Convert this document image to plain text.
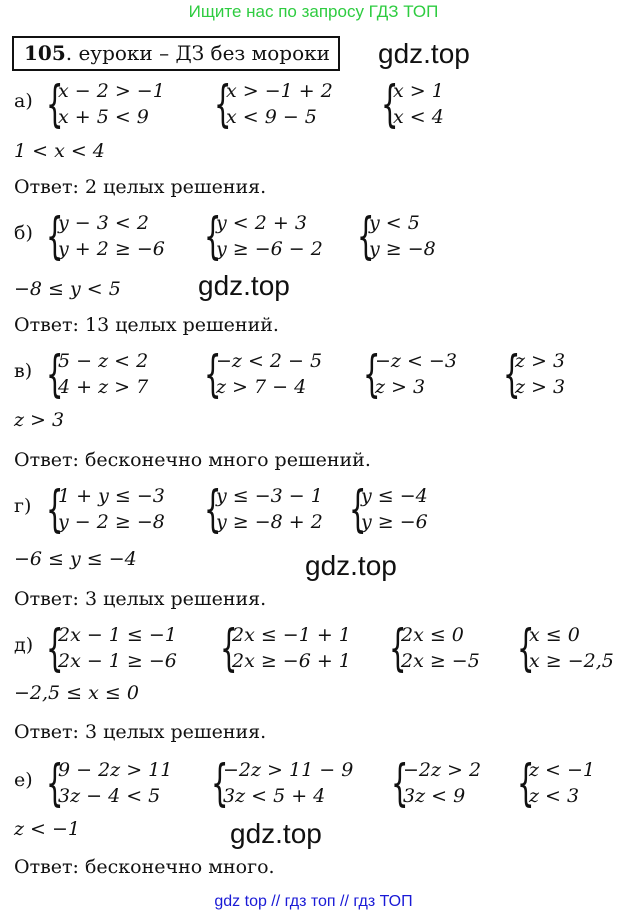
Ищите нас по запросу ГДЗ ТОП
105. еуроки – ДЗ без мороки	gdz.top
gdz.top
gdz.top
gdz.top
а) {
x − 2 > −1
x + 5 < 9	{
x > −1 + 2
x < 9 − 5	{
x > 1
x < 4
1 < x < 4
Ответ: 2 целых решения.
б) {
y − 3 < 2
y + 2 ≥ −6 {
y < 2 + 3
y ≥ −6 − 2 {
y < 5
y ≥ −8
−8 ≤ y < 5
Ответ: 13 целых решений.
в) {
5 − z < 2
4 + z > 7 {
−z < 2 − 5
z > 7 − 4	{
−z < −3
z > 3	{
z > 3
z > 3
z > 3
Ответ: бесконечно много решений.
г) {
1 + y ≤ −3
y − 2 ≥ −8 {
y ≤ −3 − 1
y ≥ −8 + 2 {
y ≤ −4
y ≥ −6
−6 ≤ y ≤ −4
Ответ: 3 целых решения.
д) {
2x − 1 ≤ −1
2x − 1 ≥ −6 {
2x ≤ −1 + 1
2x ≥ −6 + 1 {
2x ≤ 0
2x ≥ −5 {
x ≤ 0
x ≥ −2,5
−2,5 ≤ x ≤ 0
Ответ: 3 целых решения.
е) {
9 − 2z > 11
3z − 4 < 5 {
−2z > 11 − 9
3z < 5 + 4	{
−2z > 2
3z < 9	{
z < −1
z < 3
z < −1
Ответ: бесконечно много.
gdz top // гдз топ // гдз ТОП
